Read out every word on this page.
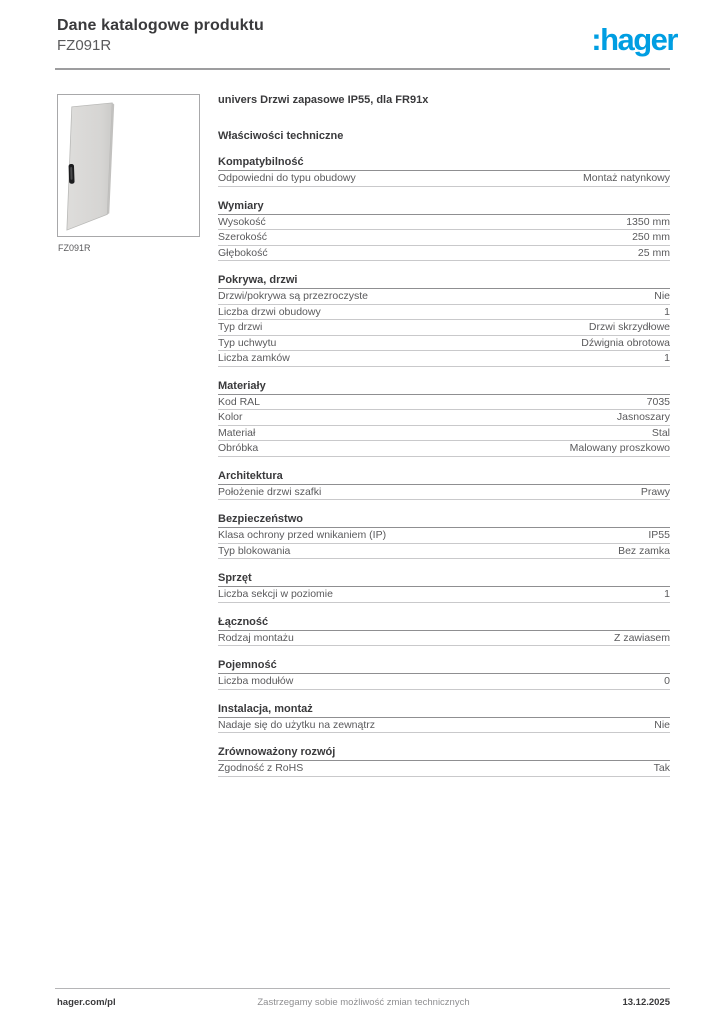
Dane katalogowe produktu
FZ091R	:hager
FZ091R
univers Drzwi zapasowe IP55, dla FR91x
Właściwości techniczne
Kompatybilność
Odpowiedni do typu obudowy	Montaż natynkowy
Wymiary
Wysokość	1350 mm
Szerokość	250 mm
Głębokość	25 mm
Pokrywa, drzwi
Drzwi/pokrywa są przezroczyste	Nie
Liczba drzwi obudowy	1
Typ drzwi	Drzwi skrzydłowe
Typ uchwytu	Dźwignia obrotowa
Liczba zamków	1
Materiały
Kod RAL	7035
Kolor	Jasnoszary
Materiał	Stal
Obróbka	Malowany proszkowo
Architektura
Położenie drzwi szafki	Prawy
Bezpieczeństwo
Klasa ochrony przed wnikaniem (IP)	IP55
Typ blokowania	Bez zamka
Sprzęt
Liczba sekcji w poziomie	1
Łączność
Rodzaj montażu	Z zawiasem
Pojemność
Liczba modułów	0
Instalacja, montaż
Nadaje się do użytku na zewnątrz	Nie
Zrównoważony rozwój
Zgodność z RoHS	Tak
hager.com/pl	Zastrzegamy sobie możliwość zmian technicznych	13.12.2025
